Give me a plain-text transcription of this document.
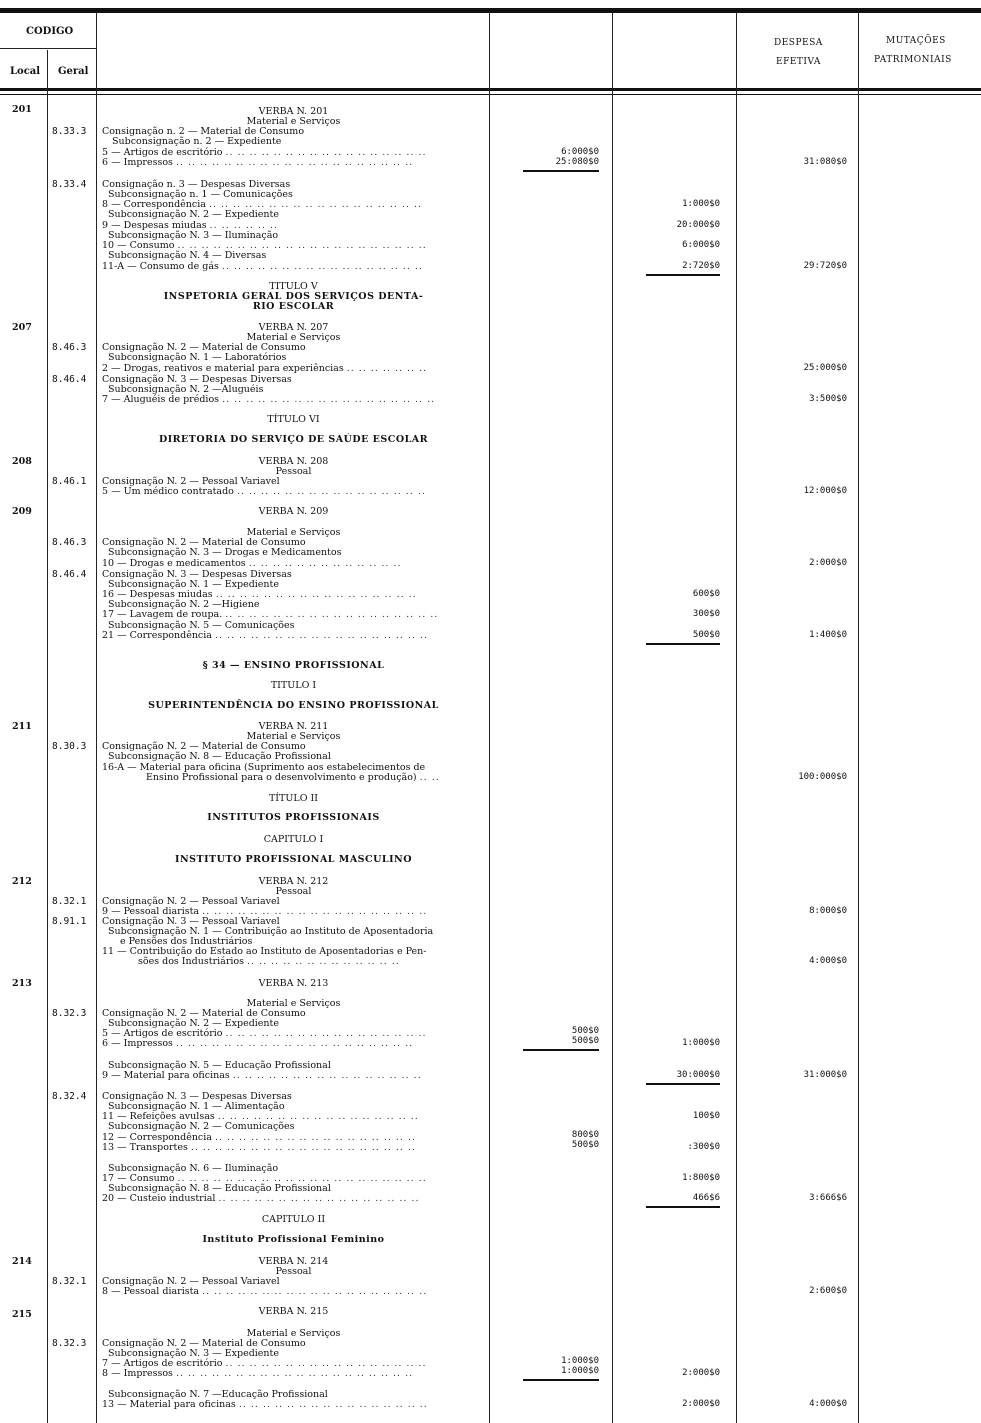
CODIGO
Local Geral
DESPESA
EFETIVA
MUTAÇÕES
PATRIMONIAIS
201
207
208
209
211
212
213
214
215
8.33.3
8.33.4
8.46.3
8.46.4
8.46.1
8.46.3
8.46.4
8.30.3
8.32.1
8.91.1
8.32.3
8.32.4
8.32.1
8.32.3
VERBA N. 201
Material e Serviços
Consignação n. 2 — Material de Consumo
Subconsignação n. 2 — Expediente
5 — Artigos de escritório .. .. .. .. .. .. .. .. .. .. .. .. .. .. .. .. ..
6 — Impressos .. .. .. .. .. .. .. .. .. .. .. .. .. .. .. .. .. .. .. ..
Consignação n. 3 — Despesas Diversas
Subconsignação n. 1 — Comunicações
8 — Correspondência .. .. .. .. .. .. .. .. .. .. .. .. .. .. .. .. .. ..
Subconsignação N. 2 — Expediente
9 — Despesas miudas .. .. .. .. .. ..
Subconsignação N. 3 — Iluminação
10 — Consumo .. .. .. .. .. .. .. .. .. .. .. .. .. .. .. .. .. .. .. .. ..
Subconsignação N. 4 — Diversas
11-A — Consumo de gás .. .. .. .. .. .. .. .. .. .. .. .. .. .. .. .. ..
TITULO V
INSPETORIA GERAL DOS SERVIÇOS DENTA-
RIO ESCOLAR
VERBA N. 207
Material e Serviços
Consignação N. 2 — Material de Consumo
Subconsignação N. 1 — Laboratórios
2 — Drogas, reativos e material para experiências .. .. .. .. .. .. ..
Consignação N. 3 — Despesas Diversas
Subconsignação N. 2 —Aluguéis
7 — Aluguéis de prédios .. .. .. .. .. .. .. .. .. .. .. .. .. .. .. .. .. ..
TÍTULO VI
DIRETORIA DO SERVIÇO DE SAÚDE ESCOLAR
VERBA N. 208
Pessoal
Consignação N. 2 — Pessoal Variavel
5 — Um médico contratado .. .. .. .. .. .. .. .. .. .. .. .. .. .. .. ..
VERBA N. 209
Material e Serviços
Consignação N. 2 — Material de Consumo
Subconsignação N. 3 — Drogas e Medicamentos
10 — Drogas e medicamentos .. .. .. .. .. .. .. .. .. .. .. .. ..
Consignação N. 3 — Despesas Diversas
Subconsignação N. 1 — Expediente
16 — Despesas miudas .. .. .. .. .. .. .. .. .. .. .. .. .. .. .. .. ..
Subconsignação N. 2 —Higiene
17 — Lavagem de roupa. .. .. .. .. .. .. .. .. .. .. .. .. .. .. .. .. .. ..
Subconsignação N. 5 — Comunicações
21 — Correspondência .. .. .. .. .. .. .. .. .. .. .. .. .. .. .. .. .. ..
§ 34 — ENSINO PROFISSIONAL
TITULO I
SUPERINTENDÊNCIA DO ENSINO PROFISSIONAL
VERBA N. 211
Material e Serviços
Consignação N. 2 — Material de Consumo
Subconsignação N. 8 — Educação Profissional
16-A — Material para oficina (Suprimento aos estabelecimentos de
Ensino Profissional para o desenvolvimento e produção) .. ..
TÍTULO II
INSTITUTOS PROFISSIONAIS
CAPITULO I
INSTITUTO PROFISSIONAL MASCULINO
VERBA N. 212
Pessoal
Consignação N. 2 — Pessoal Variavel
9 — Pessoal diarista .. .. .. .. .. .. .. .. .. .. .. .. .. .. .. .. .. .. ..
Consignação N. 3 — Pessoal Variavel
Subconsignação N. 1 — Contribuição ao Instituto de Aposentadoria
e Pensões dos Industriários
11 — Contribuição do Estado ao Instituto de Aposentadorias e Pen-
sões dos Industriários .. .. .. .. .. .. .. .. .. .. .. .. ..
VERBA N. 213
Material e Serviços
Consignação N. 2 — Material de Consumo
Subconsignação N. 2 — Expediente
5 — Artigos de escritório .. .. .. .. .. .. .. .. .. .. .. .. .. .. .. .. ..
6 — Impressos .. .. .. .. .. .. .. .. .. .. .. .. .. .. .. .. .. .. .. ..
Subconsignação N. 5 — Educação Profissional
9 — Material para oficinas .. .. .. .. .. .. .. .. .. .. .. .. .. .. .. ..
Consignação N. 3 — Despesas Diversas
Subconsignação N. 1 — Alimentação
11 — Refeições avulsas .. .. .. .. .. .. .. .. .. .. .. .. .. .. .. .. ..
Subconsignação N. 2 — Comunicações
12 — Correspondência .. .. .. .. .. .. .. .. .. .. .. .. .. .. .. .. ..
13 — Transportes .. .. .. .. .. .. .. .. .. .. .. .. .. .. .. .. .. .. ..
Subconsignação N. 6 — Iluminação
17 — Consumo .. .. .. .. .. .. .. .. .. .. .. .. .. .. .. .. .. .. .. .. ..
Subconsignação N. 8 — Educação Profissional
20 — Custeio industrial .. .. .. .. .. .. .. .. .. .. .. .. .. .. .. .. ..
CAPITULO II
Instituto Profissional Feminino
VERBA N. 214
Pessoal
Consignação N. 2 — Pessoal Variavel
8 — Pessoal diarista .. .. .. .. .. .. .. .. .. .. .. .. .. .. .. .. .. .. ..
VERBA N. 215
Material e Serviços
Consignação N. 2 — Material de Consumo
Subconsignação N. 3 — Expediente
7 — Artigos de escritório .. .. .. .. .. .. .. .. .. .. .. .. .. .. .. .. ..
8 — Impressos .. .. .. .. .. .. .. .. .. .. .. .. .. .. .. .. .. .. .. ..
Subconsignação N. 7 —Educação Profissional
13 — Material para oficinas .. .. .. .. .. .. .. .. .. .. .. .. .. .. .. ..
6:000$0
25:080$0
500$0
500$0
800$0
500$0
1:000$0
1:000$0
1:000$0
20:000$0
6:000$0
2:720$0
600$0
300$0
500$0
1:000$0
30:000$0
100$0
:300$0
1:800$0
466$6
2:000$0
2:000$0
31:080$0
29:720$0
25:000$0
3:500$0
12:000$0
2:000$0
1:400$0
100:000$0
8:000$0
4:000$0
31:000$0
3:666$6
2:600$0
4:000$0
